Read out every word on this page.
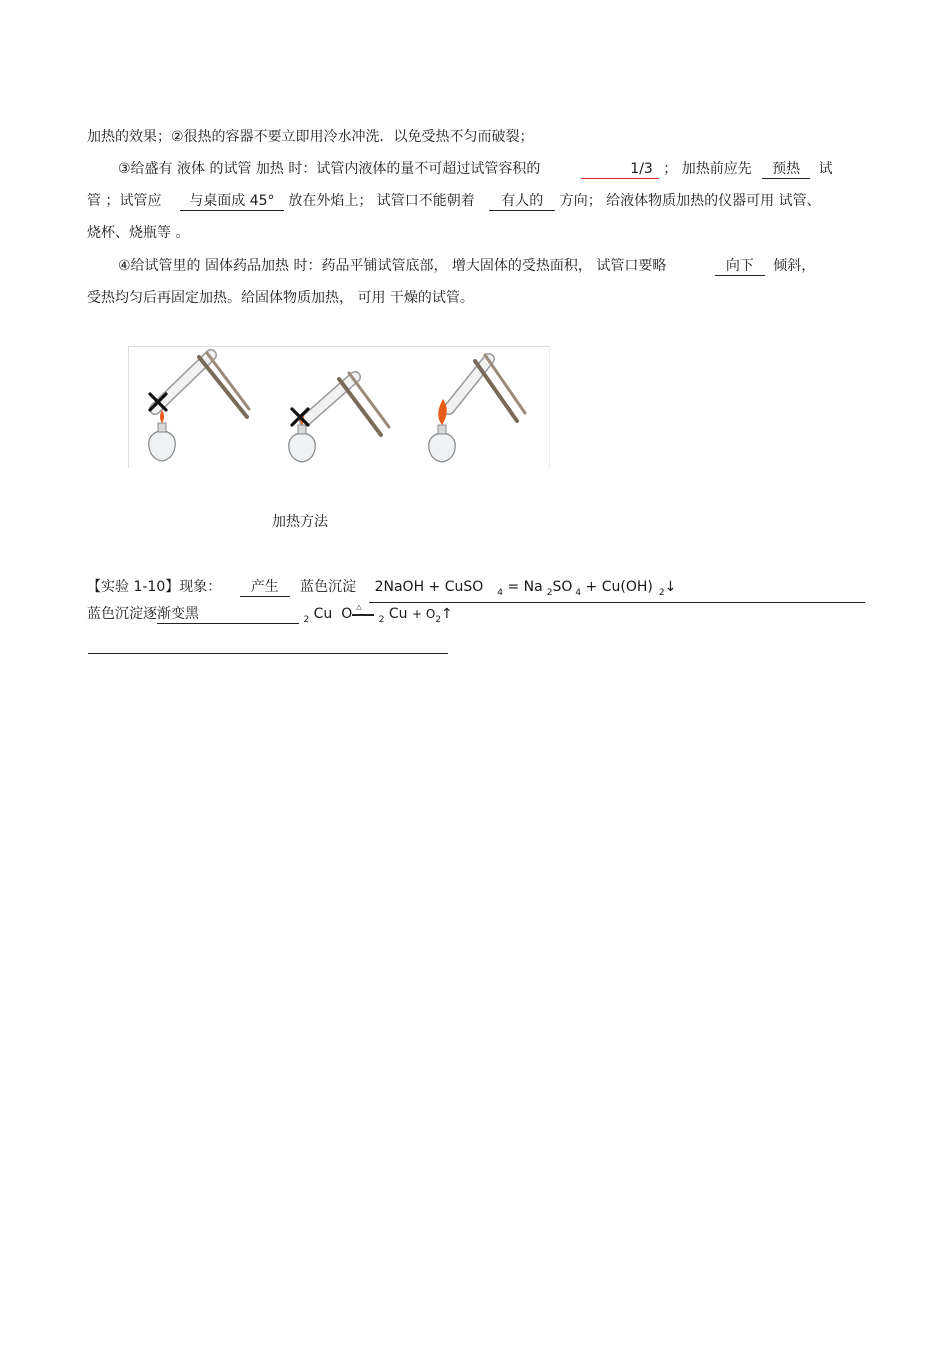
加热的效果；②很热的容器不要立即用冷水冲洗．以免受热不匀而破裂；
③给盛有 液体 的试管 加热 时：试管内液体的量不可超过试管容积的	1/3 ； 加热前应先 预热 试
管 ；试管应 与桌面成 45° 放在外焰上； 试管口不能朝着 有人的 方向； 给液体物质加热的仪器可用 试管、
烧杯、烧瓶等 。
④给试管里的 固体药品加热 时：药品平铺试管底部， 增大固体的受热面积， 试管口要略	向下 倾斜，
受热均匀后再固定加热。给固体物质加热， 可用 干燥的试管。
加热方法
【实验 1-10】现象： 产生 蓝色沉淀 2NaOH + CuSO $_4$ = Na $_2$SO $_4$ + Cu(OH) $_2$↓
蓝色沉淀逐渐变黑	$_2$ Cu O △
$_2$ $Cu + O_2↑$
